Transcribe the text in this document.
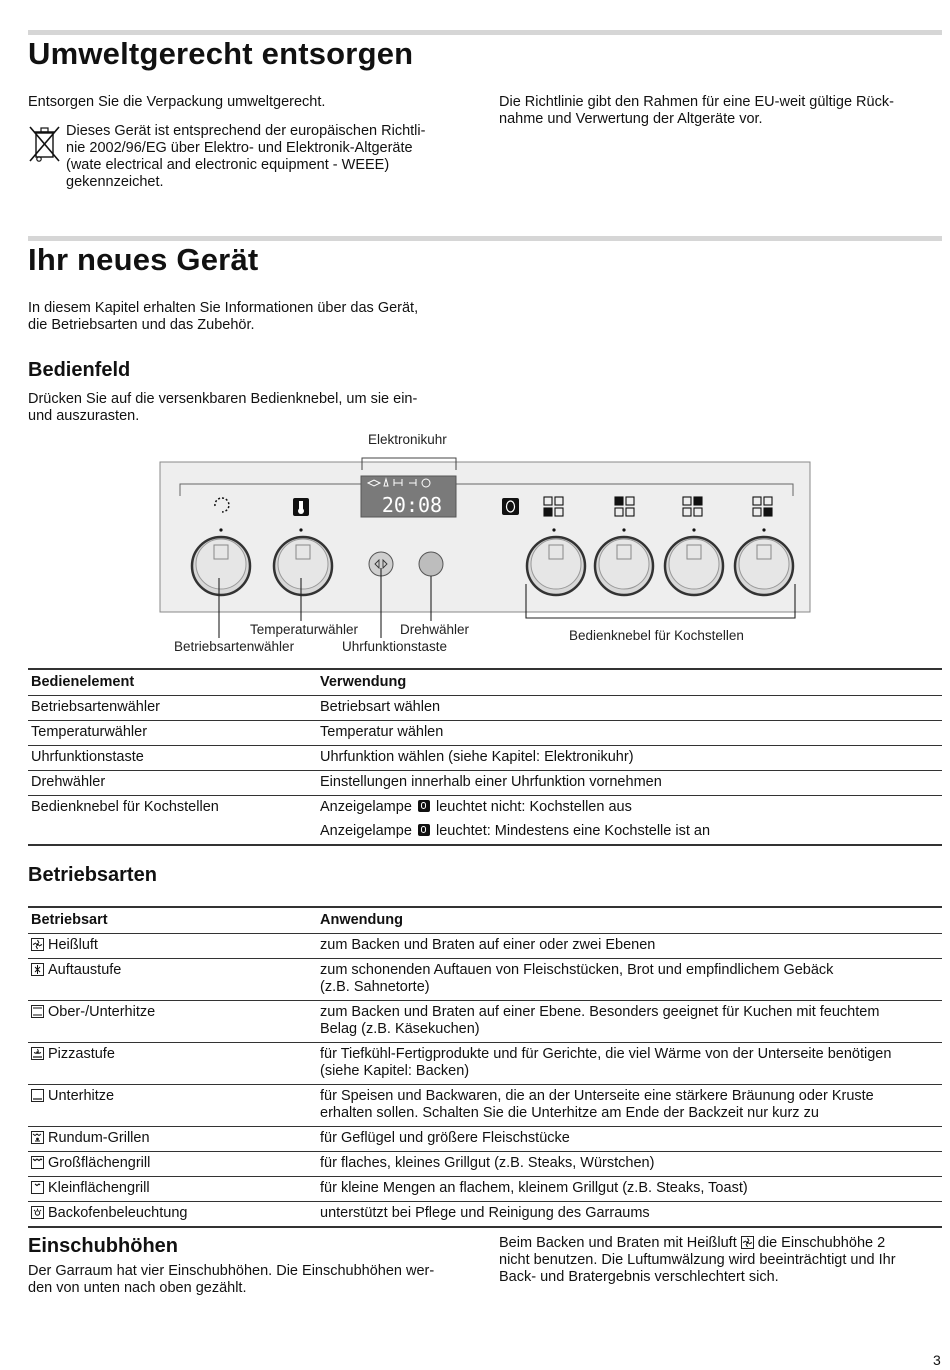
Umweltgerecht entsorgen

Entsorgen Sie die Verpackung umweltgerecht.

Dieses Gerät ist entsprechend der europäischen Richtli-
nie 2002/96/EG über Elektro- und Elektronik-Altgeräte
(wate electrical and electronic equipment - WEEE)
gekennzeichet.

Die Richtlinie gibt den Rahmen für eine EU-weit gültige Rück-
nahme und Verwertung der Altgeräte vor.

Ihr neues Gerät

In diesem Kapitel erhalten Sie Informationen über das Gerät,
die Betriebsarten und das Zubehör.

Bedienfeld

Drücken Sie auf die versenkbaren Bedienknebel, um sie ein-
und auszurasten.

20:08
Elektronikuhr
Temperaturwähler
Betriebsartenwähler
Drehwähler
Uhrfunktionstaste
Bedienknebel für Kochstellen
Bedienelement	Verwendung
Betriebsartenwähler	Betriebsart wählen
Temperaturwähler	Temperatur wählen
Uhrfunktionstaste	Uhrfunktion wählen (siehe Kapitel: Elektronikuhr)
Drehwähler	Einstellungen innerhalb einer Uhrfunktion vornehmen
Bedienknebel für Kochstellen	Anzeigelampe leuchtet nicht: Kochstellen aus
	Anzeigelampe leuchtet: Mindestens eine Kochstelle ist an
Betriebsarten
Betriebsart	Anwendung

Heißluft	zum Backen und Braten auf einer oder zwei Ebenen

Auftaustufe	zum schonenden Auftauen von Fleischstücken, Brot und empfindlichem Gebäck
(z.B. Sahnetorte)

Ober-/Unterhitze	zum Backen und Braten auf einer Ebene. Besonders geeignet für Kuchen mit feuchtem
Belag (z.B. Käsekuchen)

Pizzastufe	für Tiefkühl-Fertigprodukte und für Gerichte, die viel Wärme von der Unterseite benötigen
(siehe Kapitel: Backen)

Unterhitze	für Speisen und Backwaren, die an der Unterseite eine stärkere Bräunung oder Kruste
erhalten sollen. Schalten Sie die Unterhitze am Ende der Backzeit nur kurz zu

Rundum-Grillen	für Geflügel und größere Fleischstücke

Großflächengrill	für flaches, kleines Grillgut (z.B. Steaks, Würstchen)

Kleinflächengrill	für kleine Mengen an flachem, kleinem Grillgut (z.B. Steaks, Toast)

Backofenbeleuchtung	unterstützt bei Pflege und Reinigung des Garraums
Einschubhöhen

Der Garraum hat vier Einschubhöhen. Die Einschubhöhen wer-
den von unten nach oben gezählt.

Beim Backen und Braten mit Heißluft die Einschubhöhe 2
nicht benutzen. Die Luftumwälzung wird beeinträchtigt und Ihr
Back- und Bratergebnis verschlechtert sich.

3
